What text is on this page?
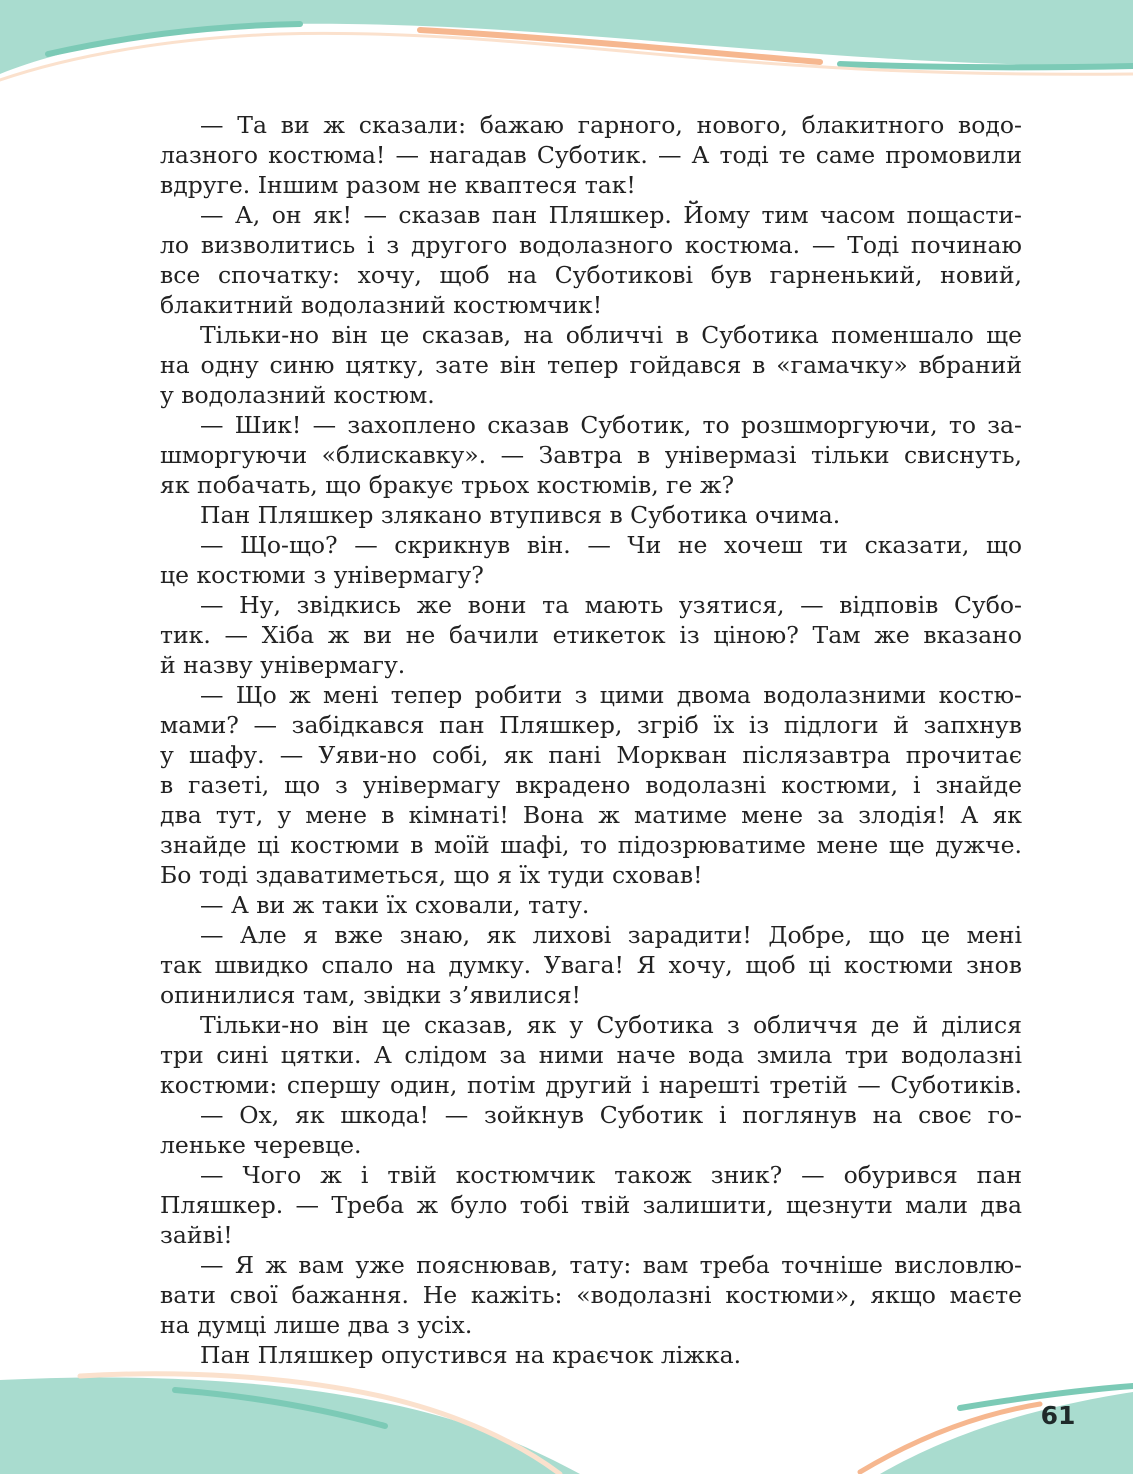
— Та ви ж сказали: бажаю гарного, нового, блакитного водо-
лазного костюма! — нагадав Суботик. — А тоді те саме промовили
вдруге. Іншим разом не кваптеся так!
— А, он як! — сказав пан Пляшкер. Йому тим часом пощасти-
ло визволитись і з другого водолазного костюма. — Тоді починаю
все спочатку: хочу, щоб на Суботикові був гарненький, новий,
блакитний водолазний костюмчик!
Тільки-но він це сказав, на обличчі в Суботика поменшало ще
на одну синю цятку, зате він тепер гойдався в «гамачку» вбраний
у водолазний костюм.
— Шик! — захоплено сказав Суботик, то розшморгуючи, то за-
шморгуючи «блискавку». — Завтра в універмазі тільки свиснуть,
як побачать, що бракує трьох костюмів, ге ж?
Пан Пляшкер злякано втупився в Суботика очима.
— Що-що? — скрикнув він. — Чи не хочеш ти сказати, що
це костюми з універмагу?
— Ну, звідкись же вони та мають узятися, — відповів Субо-
тик. — Хіба ж ви не бачили етикеток із ціною? Там же вказано
й назву універмагу.
— Що ж мені тепер робити з цими двома водолазними костю-
мами? — забідкався пан Пляшкер, згріб їх із підлоги й запхнув
у шафу. — Уяви-но собі, як пані Морквaн післязавтра прочитає
в газеті, що з універмагу вкрадено водолазні костюми, і знайде
два тут, у мене в кімнаті! Вона ж матиме мене за злодія! А як
знайде ці костюми в моїй шафі, то підозрюватиме мене ще дужче.
Бо тоді здаватиметься, що я їх туди сховав!
— А ви ж таки їх сховали, тату.
— Але я вже знаю, як лихові зарадити! Добре, що це мені
так швидко спало на думку. Увага! Я хочу, щоб ці костюми знов
опинилися там, звідки з’явилися!
Тільки-но він це сказав, як у Суботика з обличчя де й ділися
три сині цятки. А слідом за ними наче вода змила три водолазні
костюми: спершу один, потім другий і нарешті третій — Суботиків.
— Ох, як шкода! — зойкнув Суботик і поглянув на своє го-
леньке черевце.
— Чого ж і твій костюмчик також зник? — обурився пан
Пляшкер. — Треба ж було тобі твій залишити, щезнути мали два
зайві!
— Я ж вам уже пояснював, тату: вам треба точніше висловлю-
вати свої бажання. Не кажіть: «водолазні костюми», якщо маєте
на думці лише два з усіх.
Пан Пляшкер опустився на краєчок ліжка.
61
